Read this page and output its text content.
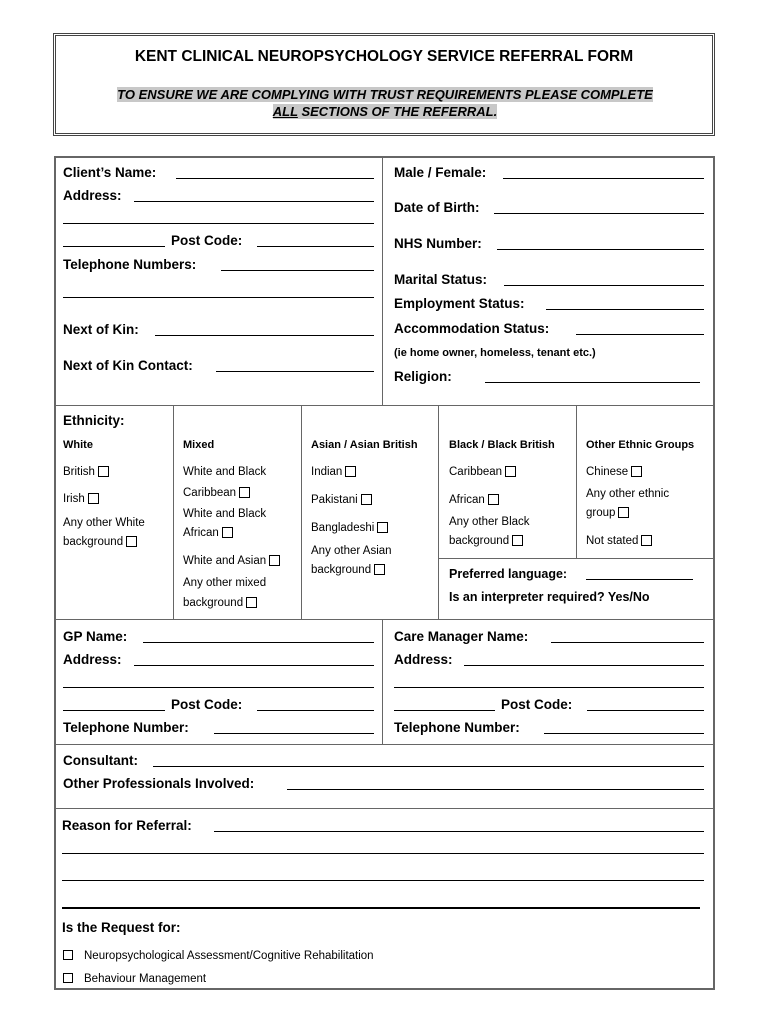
KENT CLINICAL NEUROPSYCHOLOGY SERVICE REFERRAL FORM
TO ENSURE WE ARE COMPLYING WITH TRUST REQUIREMENTS PLEASE COMPLETE
ALL SECTIONS OF THE REFERRAL.
Client’s Name:
Address:
Post Code:
Telephone Numbers:
Next of Kin:
Next of Kin Contact:
Male / Female:
Date of Birth:
NHS Number:
Marital Status:
Employment Status:
Accommodation Status:
(ie home owner, homeless, tenant etc.)
Religion:
Ethnicity:
White
British
Irish
Any other White
background
Mixed
White and Black
Caribbean
White and Black
African
White and Asian
Any other mixed
background
Asian / Asian British
Indian
Pakistani
Bangladeshi
Any other Asian
background
Black / Black British
Caribbean
African
Any other Black
background
Other Ethnic Groups
Chinese
Any other ethnic
group
Not stated
Preferred language:
Is an interpreter required? Yes/No
GP Name:
Address:
Post Code:
Telephone Number:
Care Manager Name:
Address:
Post Code:
Telephone Number:
Consultant:
Other Professionals Involved:
Reason for Referral:
Is the Request for:
Neuropsychological Assessment/Cognitive Rehabilitation
Behaviour Management
